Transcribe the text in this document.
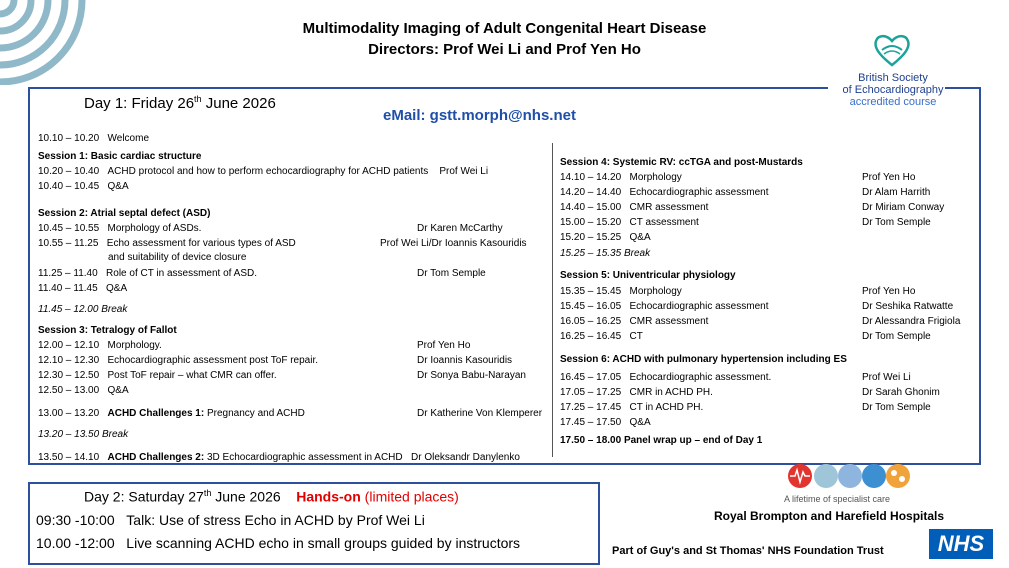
Multimodality Imaging of Adult Congenital Heart Disease
Directors: Prof Wei Li and Prof Yen Ho
British Society
of Echocardiography
accredited course
Day 1: Friday 26th June 2026
eMail: gstt.morph@nhs.net
10.10 – 10.20 Welcome
Session 1: Basic cardiac structure
10.20 – 10.40 ACHD protocol and how to perform echocardiography for ACHD patients Prof Wei Li
10.40 – 10.45 Q&A
Session 2: Atrial septal defect (ASD)
10.45 – 10.55 Morphology of ASDs.	Dr Karen McCarthy
10.55 – 11.25 Echo assessment for various types of ASD	Prof Wei Li/Dr Ioannis Kasouridis
and suitability of device closure
11.25 – 11.40 Role of CT in assessment of ASD.	Dr Tom Semple
11.40 – 11.45 Q&A
11.45 – 12.00 Break
Session 3: Tetralogy of Fallot
12.00 – 12.10 Morphology.	Prof Yen Ho
12.10 – 12.30 Echocardiographic assessment post ToF repair.	Dr Ioannis Kasouridis
12.30 – 12.50 Post ToF repair – what CMR can offer.	Dr Sonya Babu-Narayan
12.50 – 13.00 Q&A
13.00 – 13.20 ACHD Challenges 1: Pregnancy and ACHD	Dr Katherine Von Klemperer
13.20 – 13.50 Break
13.50 – 14.10 ACHD Challenges 2: 3D Echocardiographic assessment in ACHD Dr Oleksandr Danylenko
Session 4: Systemic RV: ccTGA and post-Mustards
14.10 – 14.20 Morphology	Prof Yen Ho
14.20 – 14.40 Echocardiographic assessment	Dr Alam Harrith
14.40 – 15.00 CMR assessment	Dr Miriam Conway
15.00 – 15.20 CT assessment	Dr Tom Semple
15.20 – 15.25 Q&A
15.25 – 15.35 Break
Session 5: Univentricular physiology
15.35 – 15.45 Morphology	Prof Yen Ho
15.45 – 16.05 Echocardiographic assessment	Dr Seshika Ratwatte
16.05 – 16.25 CMR assessment	Dr Alessandra Frigiola
16.25 – 16.45 CT	Dr Tom Semple
Session 6: ACHD with pulmonary hypertension including ES
16.45 – 17.05 Echocardiographic assessment.	Prof Wei Li
17.05 – 17.25 CMR in ACHD PH.	Dr Sarah Ghonim
17.25 – 17.45 CT in ACHD PH.	Dr Tom Semple
17.45 – 17.50 Q&A
17.50 – 18.00 Panel wrap up – end of Day 1
Day 2: Saturday 27th June 2026 Hands-on (limited places)
09:30 -10:00 Talk: Use of stress Echo in ACHD by Prof Wei Li
10.00 -12:00 Live scanning ACHD echo in small groups guided by instructors
A lifetime of specialist care
Royal Brompton and Harefield Hospitals
Part of Guy's and St Thomas' NHS Foundation Trust	NHS
